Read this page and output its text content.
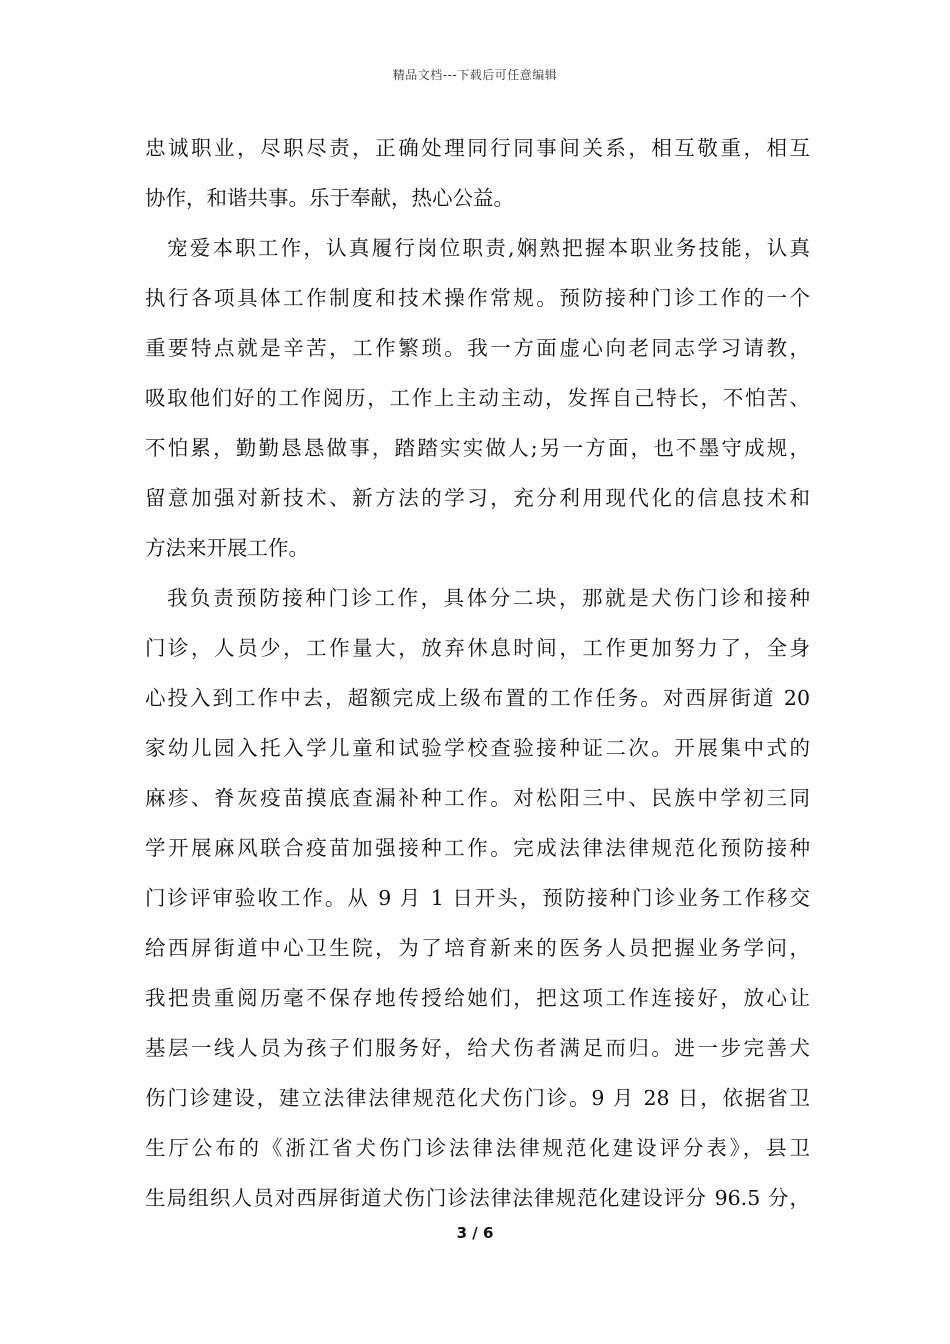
精品文档---下载后可任意编辑
忠诚职业，尽职尽责，正确处理同行同事间关系，相互敬重，相互
协作，和谐共事。乐于奉献，热心公益。
宠爱本职工作，认真履行岗位职责,娴熟把握本职业务技能，认真
执行各项具体工作制度和技术操作常规。预防接种门诊工作的一个
重要特点就是辛苦，工作繁琐。我一方面虚心向老同志学习请教，
吸取他们好的工作阅历，工作上主动主动，发挥自己特长，不怕苦、
不怕累，勤勤恳恳做事，踏踏实实做人;另一方面，也不墨守成规，
留意加强对新技术、新方法的学习，充分利用现代化的信息技术和
方法来开展工作。
我负责预防接种门诊工作，具体分二块，那就是犬伤门诊和接种
门诊，人员少，工作量大，放弃休息时间，工作更加努力了，全身
心投入到工作中去，超额完成上级布置的工作任务。对西屏街道 20
家幼儿园入托入学儿童和试验学校查验接种证二次。开展集中式的
麻疹、脊灰疫苗摸底查漏补种工作。对松阳三中、民族中学初三同
学开展麻风联合疫苗加强接种工作。完成法律法律规范化预防接种
门诊评审验收工作。从 9 月 1 日开头，预防接种门诊业务工作移交
给西屏街道中心卫生院，为了培育新来的医务人员把握业务学问，
我把贵重阅历毫不保存地传授给她们，把这项工作连接好，放心让
基层一线人员为孩子们服务好，给犬伤者满足而归。进一步完善犬
伤门诊建设，建立法律法律规范化犬伤门诊。9 月 28 日，依据省卫
生厅公布的《浙江省犬伤门诊法律法律规范化建设评分表》，县卫
生局组织人员对西屏街道犬伤门诊法律法律规范化建设评分 96.5 分，
3 / 6
